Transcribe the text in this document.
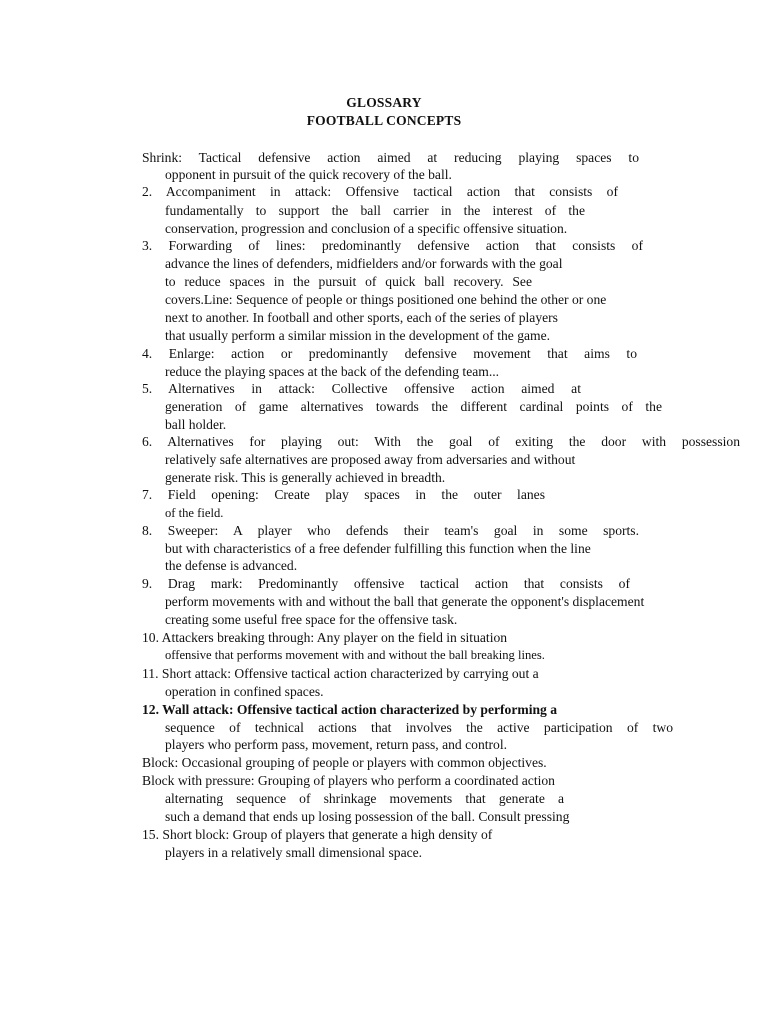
GLOSSARY
FOOTBALL CONCEPTS
Shrink: Tactical defensive action aimed at reducing playing spaces to
opponent in pursuit of the quick recovery of the ball.
2. Accompaniment in attack: Offensive tactical action that consists of
fundamentally to support the ball carrier in the interest of the
conservation, progression and conclusion of a specific offensive situation.
3. Forwarding of lines: predominantly defensive action that consists of
advance the lines of defenders, midfielders and/or forwards with the goal
to reduce spaces in the pursuit of quick ball recovery. See
covers.Line: Sequence of people or things positioned one behind the other or one
next to another. In football and other sports, each of the series of players
that usually perform a similar mission in the development of the game.
4. Enlarge: action or predominantly defensive movement that aims to
reduce the playing spaces at the back of the defending team...
5. Alternatives in attack: Collective offensive action aimed at
generation of game alternatives towards the different cardinal points of the
ball holder.
6. Alternatives for playing out: With the goal of exiting the door with possession
relatively safe alternatives are proposed away from adversaries and without
generate risk. This is generally achieved in breadth.
7. Field opening: Create play spaces in the outer lanes
of the field.
8. Sweeper: A player who defends their team's goal in some sports.
but with characteristics of a free defender fulfilling this function when the line
the defense is advanced.
9. Drag mark: Predominantly offensive tactical action that consists of
perform movements with and without the ball that generate the opponent's displacement
creating some useful free space for the offensive task.
10. Attackers breaking through: Any player on the field in situation
offensive that performs movement with and without the ball breaking lines.
11. Short attack: Offensive tactical action characterized by carrying out a
operation in confined spaces.
12. Wall attack: Offensive tactical action characterized by performing a
sequence of technical actions that involves the active participation of two
players who perform pass, movement, return pass, and control.
Block: Occasional grouping of people or players with common objectives.
Block with pressure: Grouping of players who perform a coordinated action
alternating sequence of shrinkage movements that generate a
such a demand that ends up losing possession of the ball. Consult pressing
15. Short block: Group of players that generate a high density of
players in a relatively small dimensional space.
